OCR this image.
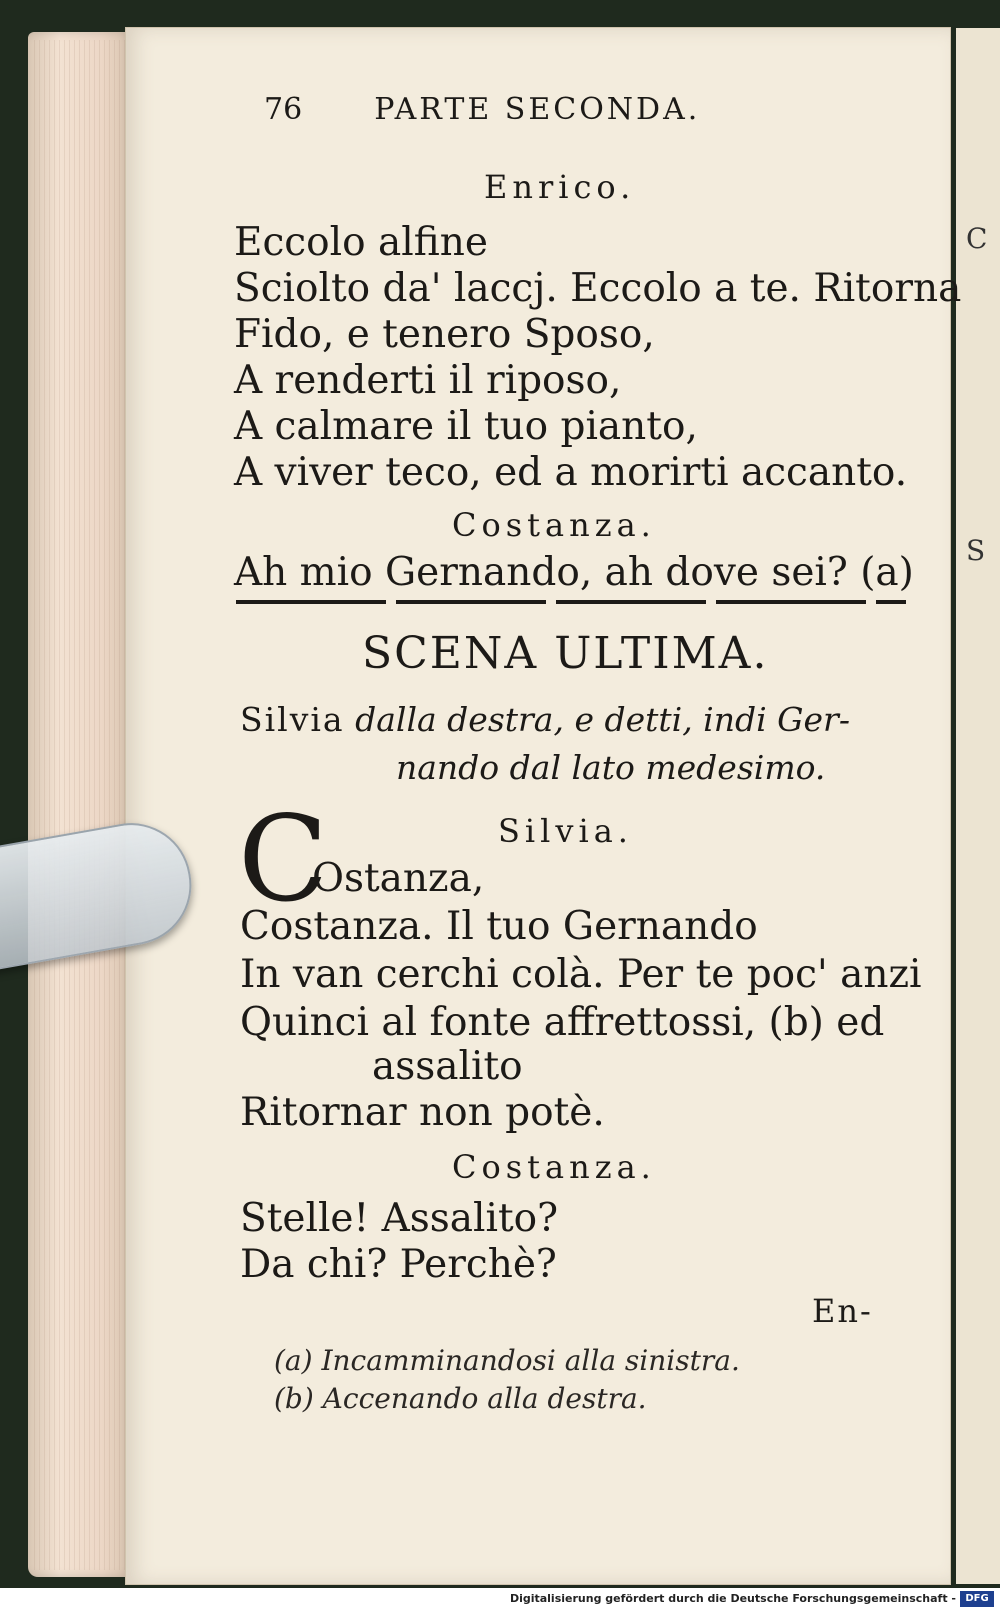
C
S
76 PARTE SECONDA.
Enrico.
Eccolo alfine
Sciolto da' laccj. Eccolo a te. Ritorna
Fido, e tenero Sposo,
A renderti il riposo,
A calmare il tuo pianto,
A viver teco, ed a morirti accanto.
Costanza.
Ah mio Gernando, ah dove sei? (a)
SCENA ULTIMA.
Silvia dalla destra, e detti, indi Ger-
nando dal lato medesimo.
C	Silvia.
Ostanza,
Costanza. Il tuo Gernando
In van cerchi colà. Per te poc' anzi
Quinci al fonte affrettossi, (b) ed
assalito
Ritornar non potè.
Costanza.
Stelle! Assalito?
Da chi? Perchè?
En-
(a) Incamminandosi alla sinistra.
(b) Accenando alla destra.
Digitalisierung gefördert durch die Deutsche Forschungsgemeinschaft - DFG
